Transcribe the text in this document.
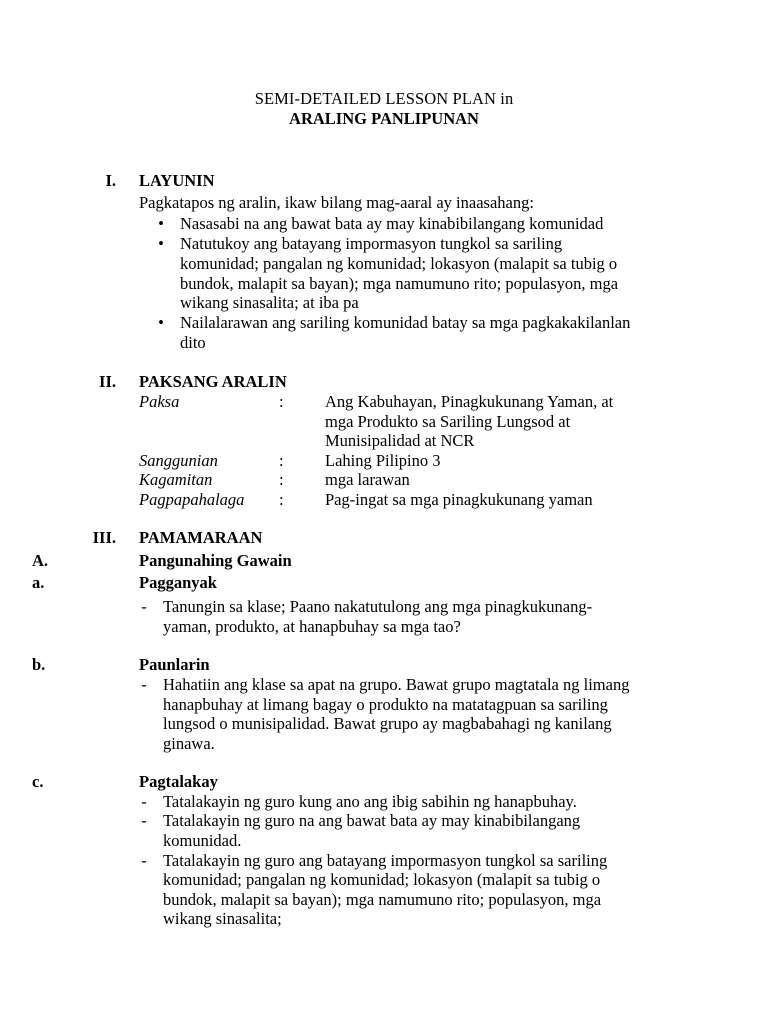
SEMI-DETAILED LESSON PLAN in
ARALING PANLIPUNAN
I. LAYUNIN
Pagkatapos ng aralin, ikaw bilang mag-aaral ay inaasahang:
• Nasasabi na ang bawat bata ay may kinabibilangang komunidad
• Natutukoy ang batayang impormasyon tungkol sa sariling
komunidad; pangalan ng komunidad; lokasyon (malapit sa tubig o
bundok, malapit sa bayan); mga namumuno rito; populasyon, mga
wikang sinasalita; at iba pa
• Nailalarawan ang sariling komunidad batay sa mga pagkakakilanlan
dito
II. PAKSANG ARALIN
Paksa	:	Ang Kabuhayan, Pinagkukunang Yaman, at
mga Produkto sa Sariling Lungsod at
Munisipalidad at NCR
Sanggunian	:	Lahing Pilipino 3
Kagamitan	:	mga larawan
Pagpapahalaga :	Pag-ingat sa mga pinagkukunang yaman
III. PAMAMARAAN
A.	Pangunahing Gawain
a.	Pagganyak
- Tanungin sa klase; Paano nakatutulong ang mga pinagkukunang-
yaman, produkto, at hanapbuhay sa mga tao?
b.	Paunlarin
- Hahatiin ang klase sa apat na grupo. Bawat grupo magtatala ng limang
hanapbuhay at limang bagay o produkto na matatagpuan sa sariling
lungsod o munisipalidad. Bawat grupo ay magbabahagi ng kanilang
ginawa.
c.	Pagtalakay
- Tatalakayin ng guro kung ano ang ibig sabihin ng hanapbuhay.
- Tatalakayin ng guro na ang bawat bata ay may kinabibilangang
komunidad.
- Tatalakayin ng guro ang batayang impormasyon tungkol sa sariling
komunidad; pangalan ng komunidad; lokasyon (malapit sa tubig o
bundok, malapit sa bayan); mga namumuno rito; populasyon, mga
wikang sinasalita;
